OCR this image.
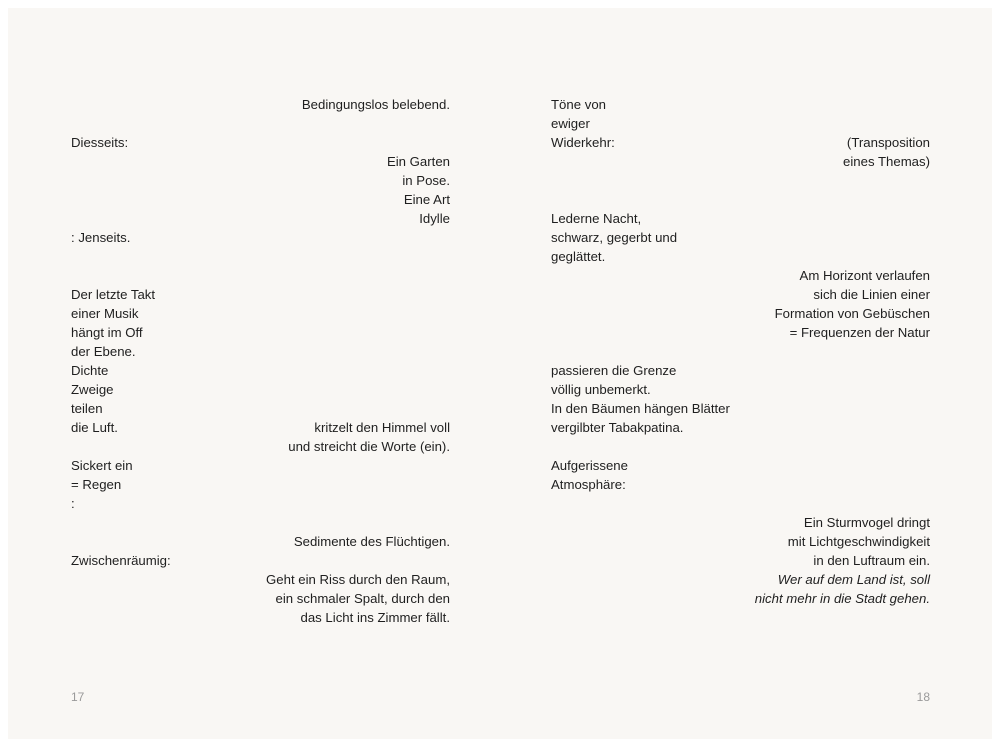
Bedingungslos belebend.
Diesseits:
Ein Garten
in Pose.
Eine Art
Idylle
: Jenseits.
Der letzte Takt
einer Musik
hängt im Off
der Ebene.
Dichte
Zweige
teilen
die Luft.	kritzelt den Himmel voll
und streicht die Worte (ein).
Sickert ein
= Regen
:
Sedimente des Flüchtigen.
Zwischenräumig:
Geht ein Riss durch den Raum,
ein schmaler Spalt, durch den
das Licht ins Zimmer fällt.
Töne von
ewiger
Widerkehr:	(Transposition
eines Themas)
Lederne Nacht,
schwarz, gegerbt und
geglättet.
Am Horizont verlaufen
sich die Linien einer
Formation von Gebüschen
= Frequenzen der Natur
passieren die Grenze
völlig unbemerkt.
In den Bäumen hängen Blätter
vergilbter Tabakpatina.
Aufgerissene
Atmosphäre:
Ein Sturmvogel dringt
mit Lichtgeschwindigkeit
in den Luftraum ein.
Wer auf dem Land ist, soll
nicht mehr in die Stadt gehen.
17	18
